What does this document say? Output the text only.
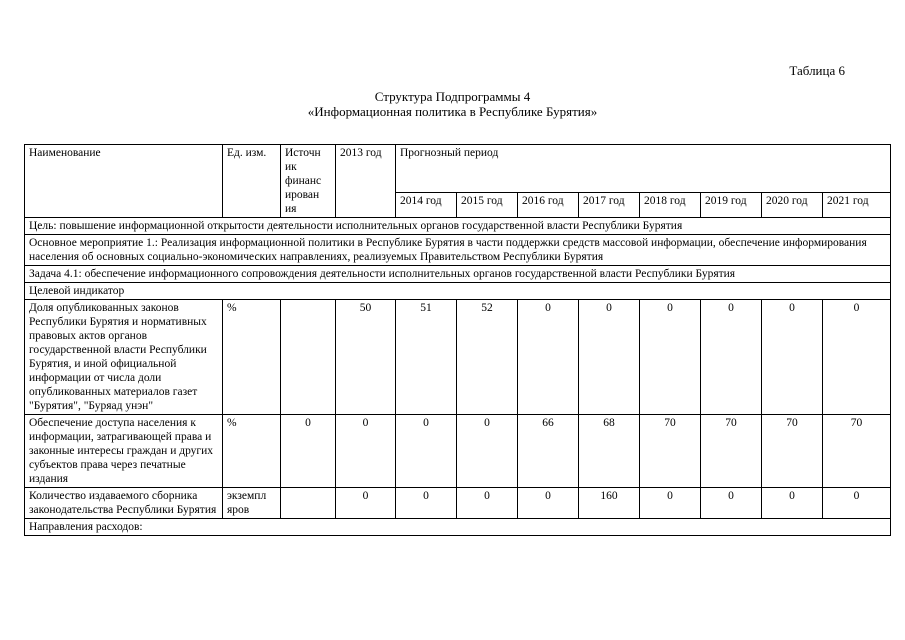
Таблица 6
Структура Подпрограммы 4
«Информационная политика в Республике Бурятия»
Наименование	Ед. изм.	Источн ик финанс ирован ия	2013 год	Прогнозный период							
				2014 год	2015 год	2016 год	2017 год	2018 год	2019 год	2020 год	2021 год
Цель: повышение информационной открытости деятельности исполнительных органов государственной власти Республики Бурятия											
Основное мероприятие 1.: Реализация информационной политики в Республике Бурятия в части поддержки средств массовой информации, обеспечение информирования населения об основных социально-экономических направлениях, реализуемых Правительством Республики Бурятия											
Задача 4.1: обеспечение информационного сопровождения деятельности исполнительных органов государственной власти Республики Бурятия											
Целевой индикатор											
Доля опубликованных законов Республики Бурятия и нормативных правовых актов органов государственной власти Республики Бурятия, и иной официальной информации от числа доли опубликованных материалов газет "Бурятия", "Буряад унэн"	%		50	51	52	0	0	0	0	0	0
Обеспечение доступа населения к информации, затрагивающей права и законные интересы граждан и других субъектов права через печатные издания	%	0	0	0	0	66	68	70	70	70	70
Количество издаваемого сборника законодательства Республики Бурятия	экземпл яров		0	0	0	0	160	0	0	0	0
Направления расходов:											
